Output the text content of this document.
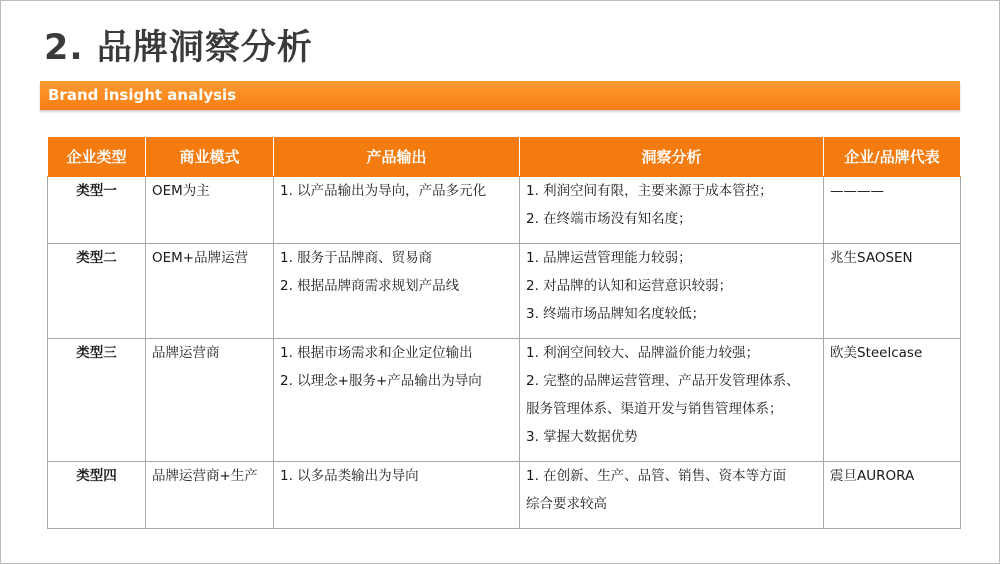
2. 品牌洞察分析
Brand insight analysis
企业类型	商业模式	产品输出	洞察分析	企业/品牌代表

类型一	OEM为主	1. 以产品输出为导向，产品多元化	1. 利润空间有限，主要来源于成本管控；
2. 在终端市场没有知名度；	————

类型二	OEM+品牌运营	1. 服务于品牌商、贸易商
2. 根据品牌商需求规划产品线	1. 品牌运营管理能力较弱；
2. 对品牌的认知和运营意识较弱；
3. 终端市场品牌知名度较低；	兆生SAOSEN

类型三	品牌运营商	1. 根据市场需求和企业定位输出
2. 以理念+服务+产品输出为导向	1. 利润空间较大、品牌溢价能力较强；
2. 完整的品牌运营管理、产品开发管理体系、
服务管理体系、渠道开发与销售管理体系；
3. 掌握大数据优势	欧美Steelcase

类型四	品牌运营商+生产	1. 以多品类输出为导向	1. 在创新、生产、品管、销售、资本等方面
综合要求较高	震旦AURORA
